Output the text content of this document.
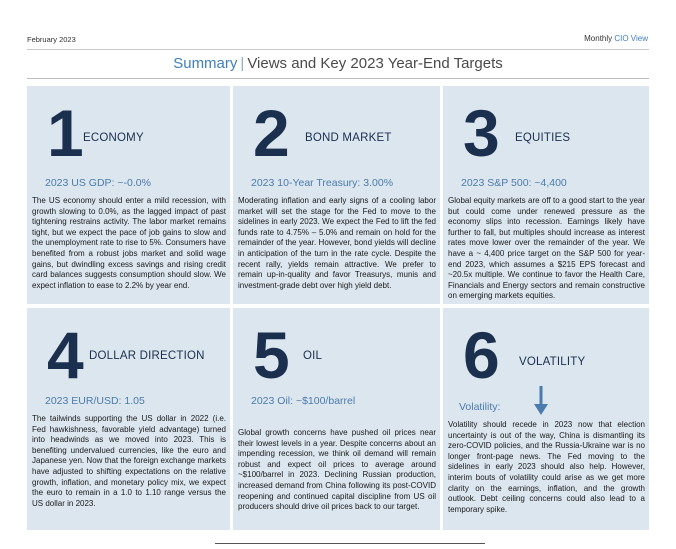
February 2023	Monthly CIO View
Summary | Views and Key 2023 Year-End Targets
1 ECONOMY
2023 US GDP: ~-0.0%
The US economy should enter a mild recession, with growth slowing to 0.0%, as the lagged impact of past tightening restrains activity. The labor market remains tight, but we expect the pace of job gains to slow and the unemployment rate to rise to 5%. Consumers have benefited from a robust jobs market and solid wage gains, but dwindling excess savings and rising credit card balances suggests consumption should slow. We expect inflation to ease to 2.2% by year end.
2 BOND MARKET
2023 10-Year Treasury: 3.00%
Moderating inflation and early signs of a cooling labor market will set the stage for the Fed to move to the sidelines in early 2023. We expect the Fed to lift the fed funds rate to 4.75% – 5.0% and remain on hold for the remainder of the year. However, bond yields will decline in anticipation of the turn in the rate cycle. Despite the recent rally, yields remain attractive. We prefer to remain up-in-quality and favor Treasurys, munis and investment-grade debt over high yield debt.
3 EQUITIES
2023 S&P 500: ~4,400
Global equity markets are off to a good start to the year but could come under renewed pressure as the economy slips into recession. Earnings likely have further to fall, but multiples should increase as interest rates move lower over the remainder of the year. We have a ~ 4,400 price target on the S&P 500 for year-end 2023, which assumes a $215 EPS forecast and ~20.5x multiple. We continue to favor the Health Care, Financials and Energy sectors and remain constructive on emerging markets equities.
4 DOLLAR DIRECTION
2023 EUR/USD: 1.05
The tailwinds supporting the US dollar in 2022 (i.e. Fed hawkishness, favorable yield advantage) turned into headwinds as we moved into 2023. This is benefiting undervalued currencies, like the euro and Japanese yen. Now that the foreign exchange markets have adjusted to shifting expectations on the relative growth, inflation, and monetary policy mix, we expect the euro to remain in a 1.0 to 1.10 range versus the US dollar in 2023.
5 OIL
2023 Oil: ~$100/barrel
Global growth concerns have pushed oil prices near their lowest levels in a year. Despite concerns about an impending recession, we think oil demand will remain robust and expect oil prices to average around ~$100/barrel in 2023. Declining Russian production, increased demand from China following its post-COVID reopening and continued capital discipline from US oil producers should drive oil prices back to our target.
6 VOLATILITY
Volatility:
Volatility should recede in 2023 now that election uncertainty is out of the way, China is dismantling its zero-COVID policies, and the Russia-Ukraine war is no longer front-page news. The Fed moving to the sidelines in early 2023 should also help. However, interim bouts of volatility could arise as we get more clarity on the earnings, inflation, and the growth outlook. Debt ceiling concerns could also lead to a temporary spike.
